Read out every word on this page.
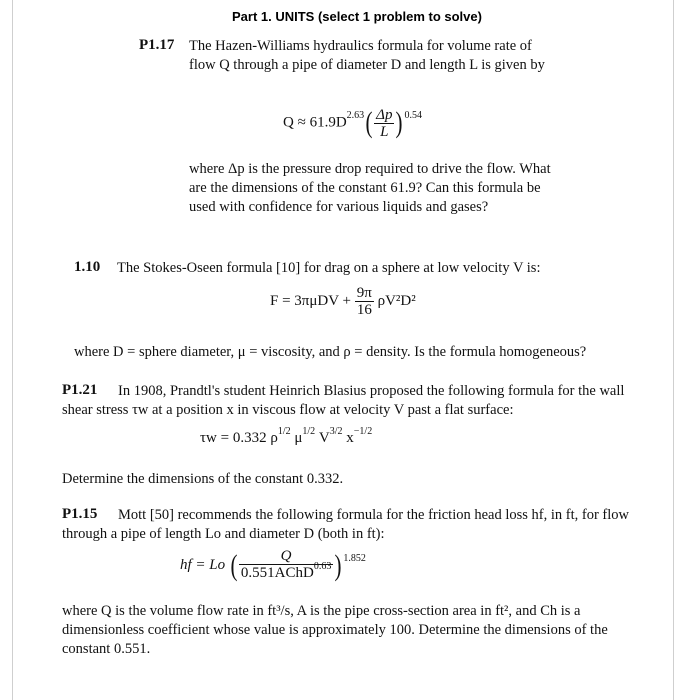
Part 1. UNITS (select 1 problem to solve)
P1.17 The Hazen-Williams hydraulics formula for volume rate of flow Q through a pipe of diameter D and length L is given by
$Q \approx 61.9D^{2.63}( \frac{\Delta p}{L}$ ) $^{0.54}$
where Δp is the pressure drop required to drive the flow. What are the dimensions of the constant 61.9? Can this formula be used with confidence for various liquids and gases?
1.10 The Stokes-Oseen formula [10] for drag on a sphere at low velocity V is:
$F = 3\pi\mu DV + \frac{9\pi}{16} \rho V^2D^2$
where D = sphere diameter, μ = viscosity, and ρ = density. Is the formula homogeneous?
P1.21	In 1908, Prandtl's student Heinrich Blasius proposed the following formula for the wall shear stress τw at a position x in viscous flow at velocity V past a flat surface:
τw = 0.332 $\rho^{1/2}$ $\mu^{1/2}$ $V^{3/2}$ $x^{-1/2}$
Determine the dimensions of the constant 0.332.
P1.15	Mott [50] recommends the following formula for the friction head loss hf, in ft, for flow through a pipe of length Lo and diameter D (both in ft):
hf = Lo ( $\frac{Q}{0.551AChD^{0.63}}$ ) $^{1.852}$
where Q is the volume flow rate in ft³/s, A is the pipe cross-section area in ft², and Ch is a dimensionless coefficient whose value is approximately 100. Determine the dimensions of the constant 0.551.
